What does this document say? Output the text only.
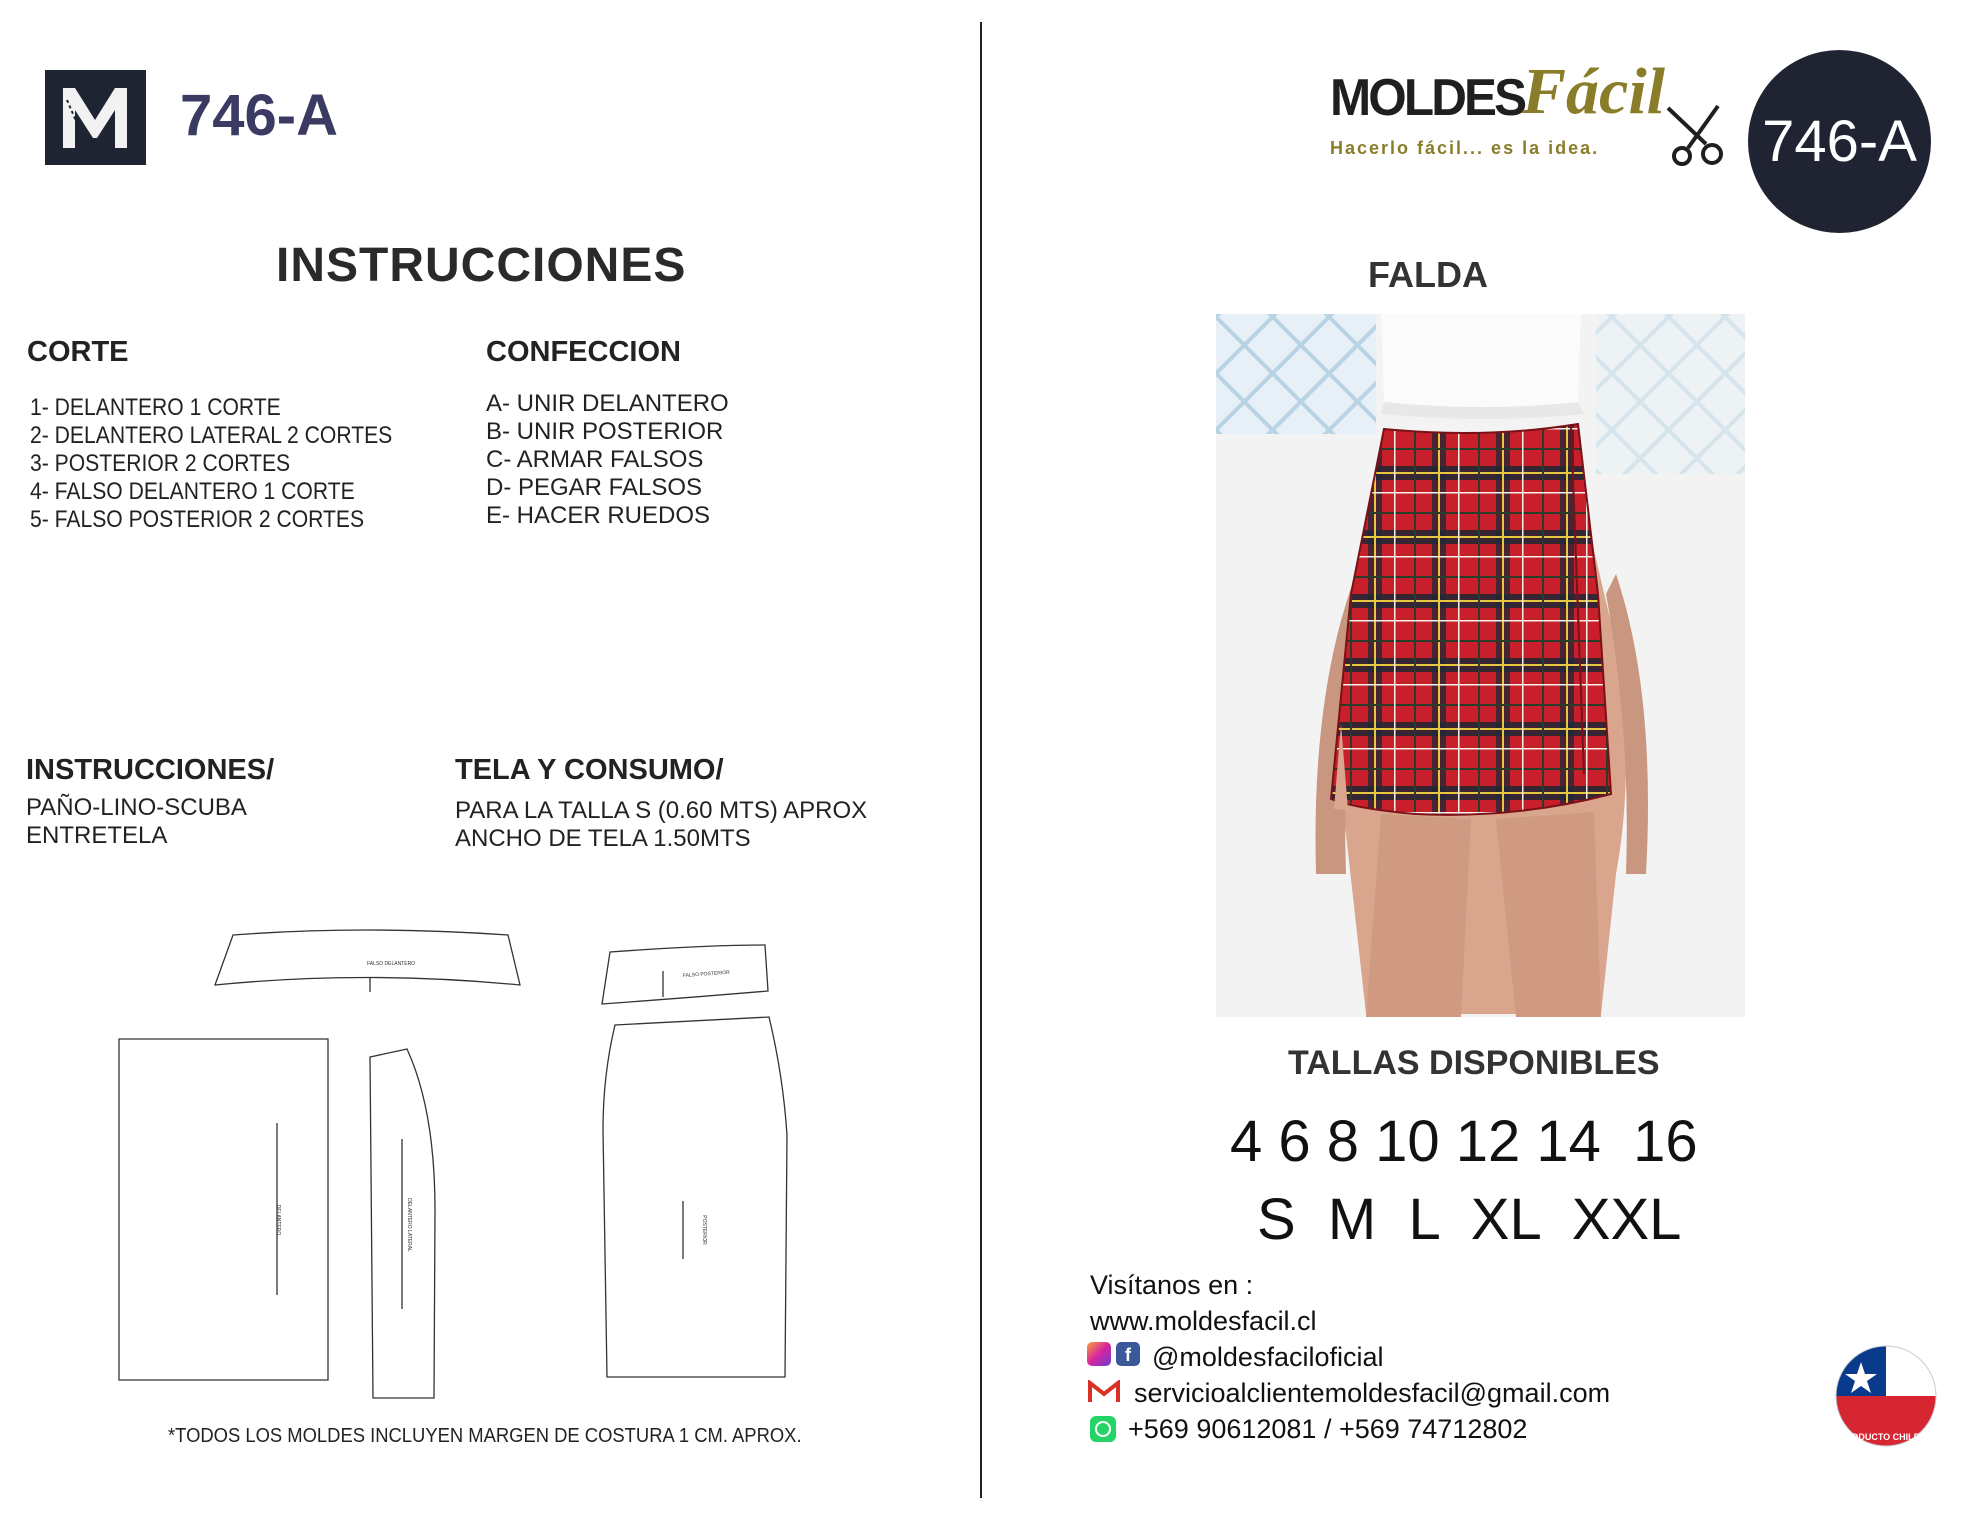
746-A
INSTRUCCIONES
CORTE
1- DELANTERO 1 CORTE
2- DELANTERO LATERAL 2 CORTES
3- POSTERIOR 2 CORTES
4- FALSO DELANTERO 1 CORTE
5- FALSO POSTERIOR 2 CORTES
CONFECCION
A- UNIR DELANTERO
B- UNIR POSTERIOR
C- ARMAR FALSOS
D- PEGAR FALSOS
E- HACER RUEDOS
INSTRUCCIONES/
PAÑO-LINO-SCUBA
ENTRETELA
TELA Y CONSUMO/
PARA LA TALLA S (0.60 MTS) APROX
ANCHO DE TELA 1.50MTS
FALSO DELANTERO
FALSO POSTERIOR
DELANTERO	DELANTERO LATERAL	POSTERIOR
*TODOS LOS MOLDES INCLUYEN MARGEN DE COSTURA 1 CM. APROX.
MOLDES
Fácil
Hacerlo fácil... es la idea.	746-A
FALDA
TALLAS DISPONIBLES
4 6 8 10 12 14  16
S  M  L  XL  XXL
Visítanos en :
www.moldesfacil.cl
f @moldesfaciloficial
servicioalclientemoldesfacil@gmail.com
+569 90612081 / +569 74712802	PRODUCTO CHILENO
